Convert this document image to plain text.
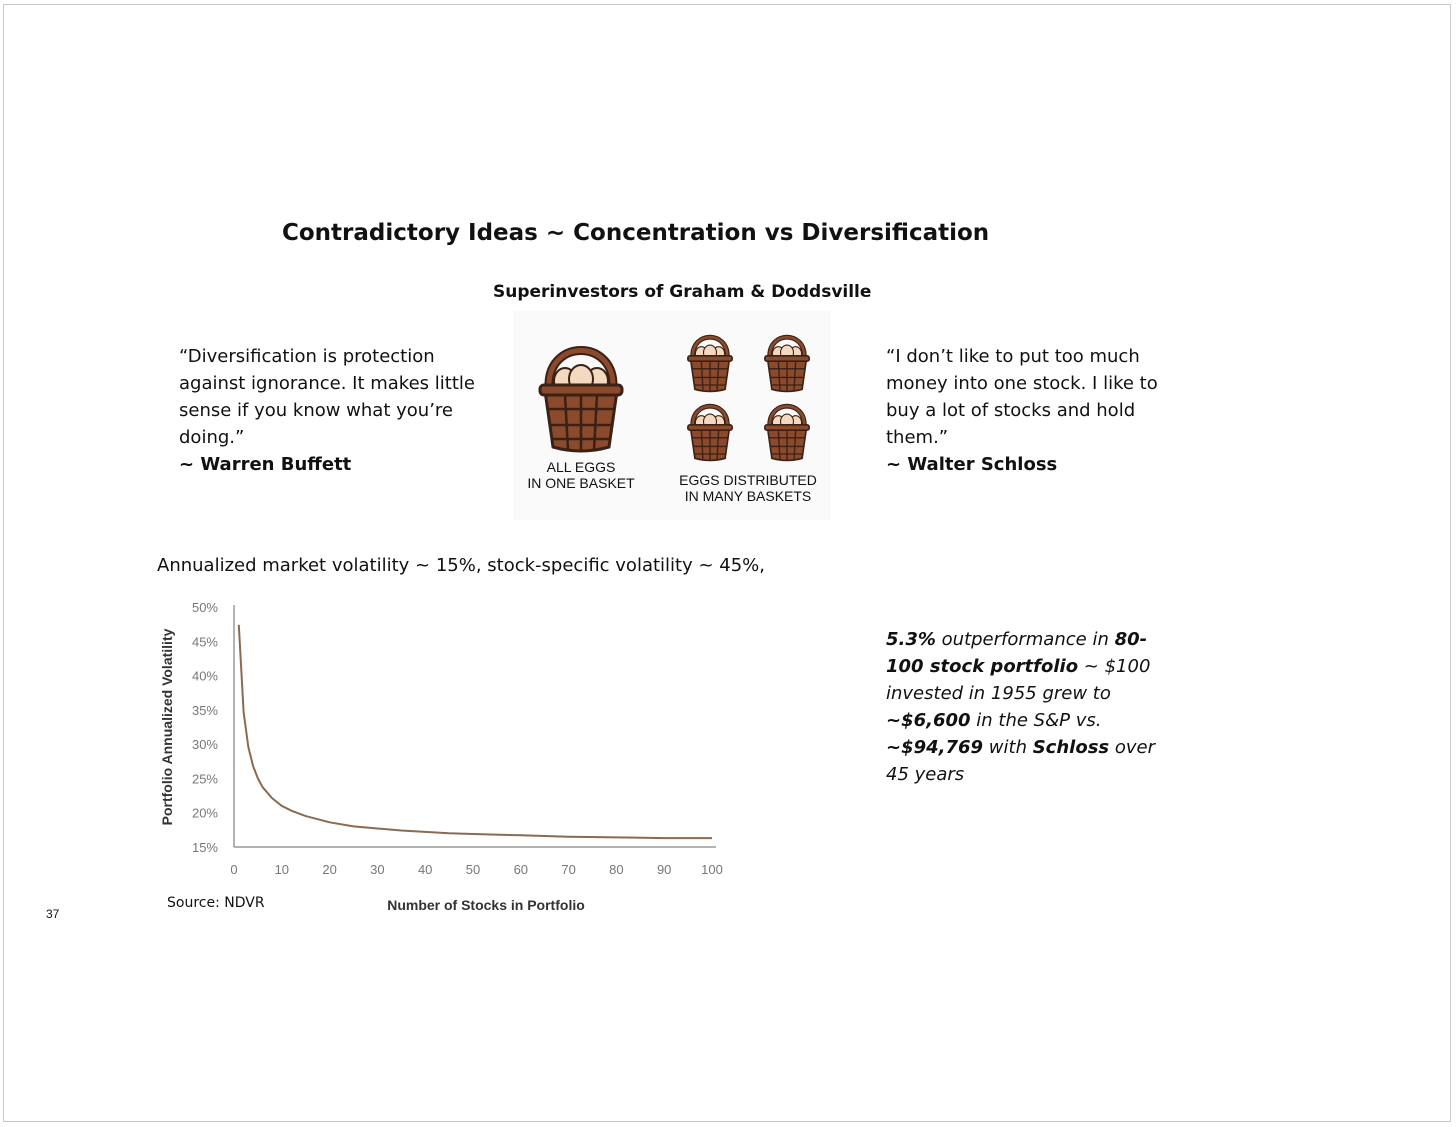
Contradictory Ideas ~ Concentration vs Diversification
Superinvestors of Graham & Doddsville
“Diversification is protection against ignorance. It makes little sense if you know what you’re doing.”
~ Warren Buffett	ALL EGGS
IN ONE BASKET	EGGS DISTRIBUTED
IN MANY BASKETS
“I don’t like to put too much money into one stock. I like to buy a lot of stocks and hold them.”
~ Walter Schloss
Annualized market volatility ~ 15%, stock-specific volatility ~ 45%,
15%
20%
25%
30%
35%
40%
45%
50%
0	10	20	30	40	50	60	70	80	90 100
Portfolio Annualized Volatility
Number of Stocks in Portfolio
Source: NDVR
5.3% outperformance in 80-100 stock portfolio ~ $100 invested in 1955 grew to ~$6,600 in the S&P vs. ~$94,769 with Schloss over 45 years
37
